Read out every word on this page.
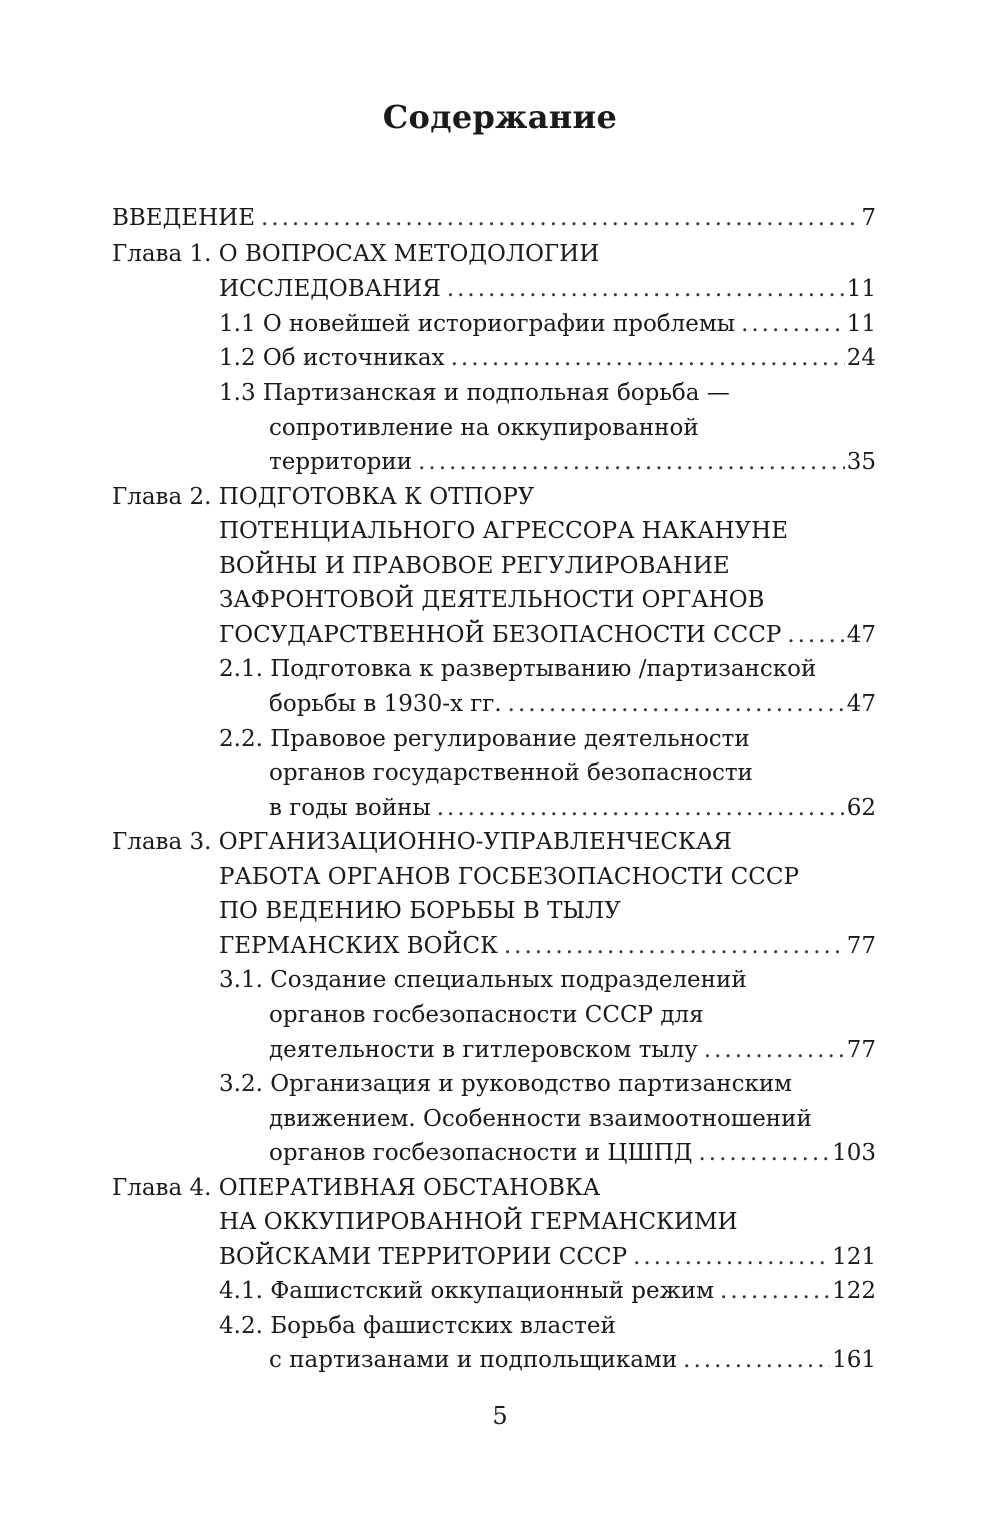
Содержание
ВВЕДЕНИЕ .....	7
Глава 1. О ВОПРОСАХ МЕТОДОЛОГИИ
ИССЛЕДОВАНИЯ .....	11
1.1 О новейшей историографии проблемы .....	11
1.2 Об источниках .....	24
1.3 Партизанская и подпольная борьба —
сопротивление на оккупированной
территории .....	35
Глава 2. ПОДГОТОВКА К ОТПОРУ
ПОТЕНЦИАЛЬНОГО АГРЕССОРА НАКАНУНЕ
ВОЙНЫ И ПРАВОВОЕ РЕГУЛИРОВАНИЕ
ЗАФРОНТОВОЙ ДЕЯТЕЛЬНОСТИ ОРГАНОВ
ГОСУДАРСТВЕННОЙ БЕЗОПАСНОСТИ СССР .....	47
2.1. Подготовка к развертыванию /партизанской
борьбы в 1930-х гг. .....	47
2.2. Правовое регулирование деятельности
органов государственной безопасности
в годы войны .....	62
Глава 3. ОРГАНИЗАЦИОННО-УПРАВЛЕНЧЕСКАЯ
РАБОТА ОРГАНОВ ГОСБЕЗОПАСНОСТИ СССР
ПО ВЕДЕНИЮ БОРЬБЫ В ТЫЛУ
ГЕРМАНСКИХ ВОЙСК .....	77
3.1. Создание специальных подразделений
органов госбезопасности СССР для
деятельности в гитлеровском тылу .....	77
3.2. Организация и руководство партизанским
движением. Особенности взаимоотношений
органов госбезопасности и ЦШПД .....	103
Глава 4. ОПЕРАТИВНАЯ ОБСТАНОВКА
НА ОККУПИРОВАННОЙ ГЕРМАНСКИМИ
ВОЙСКАМИ ТЕРРИТОРИИ СССР .....	121
4.1. Фашистский оккупационный режим .....	122
4.2. Борьба фашистских властей
с партизанами и подпольщиками .....	161
5
